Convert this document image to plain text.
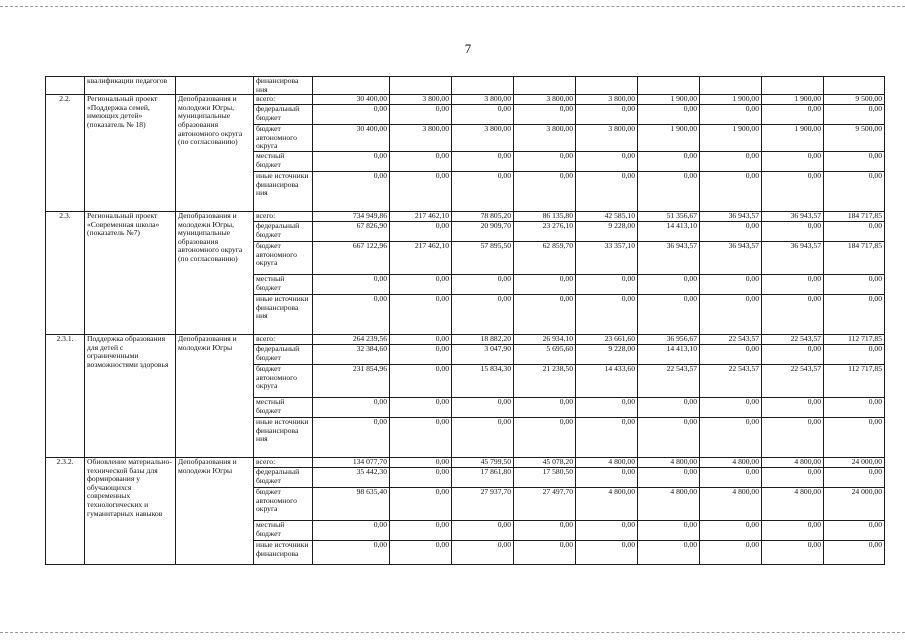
7
	квалификации педагогов		финансирова ния									
2.2.	Региональный проект «Поддержка семей, имеющих детей» (показатель № 18)	Депобразования и молодежи Югры, муниципальные образования автономного округа (по согласованию)	всего:	30 400,00	3 800,00	3 800,00	3 800,00	3 800,00	1 900,00	1 900,00	1 900,00	9 500,00
			федеральный бюджет	0,00	0,00	0,00	0,00	0,00	0,00	0,00	0,00	0,00
			бюджет автономного округа	30 400,00	3 800,00	3 800,00	3 800,00	3 800,00	1 900,00	1 900,00	1 900,00	9 500,00
			местный бюджет	0,00	0,00	0,00	0,00	0,00	0,00	0,00	0,00	0,00
			иные источники финансирова ния	0,00	0,00	0,00	0,00	0,00	0,00	0,00	0,00	0,00
2.3.	Региональный проект «Современная школа» (показатель №7)	Депобразования и молодежи Югры, муниципальные образования автономного округа (по согласованию)	всего:	734 949,86	217 462,10	78 805,20	86 135,80	42 585,10	51 356,67	36 943,57	36 943,57	184 717,85
			федеральный бюджет	67 826,90	0,00	20 909,70	23 276,10	9 228,00	14 413,10	0,00	0,00	0,00
			бюджет автономного округа	667 122,96	217 462,10	57 895,50	62 859,70	33 357,10	36 943,57	36 943,57	36 943,57	184 717,85
			местный бюджет	0,00	0,00	0,00	0,00	0,00	0,00	0,00	0,00	0,00
			иные источники финансирова ния	0,00	0,00	0,00	0,00	0,00	0,00	0,00	0,00	0,00
2.3.1.	Поддержка образования для детей с ограниченными возможностями здоровья	Депобразования и молодежи Югры	всего:	264 239,56	0,00	18 882,20	26 934,10	23 661,60	36 956,67	22 543,57	22 543,57	112 717,85
			федеральный бюджет	32 384,60	0,00	3 047,90	5 695,60	9 228,00	14 413,10	0,00	0,00	0,00
			бюджет автономного округа	231 854,96	0,00	15 834,30	21 238,50	14 433,60	22 543,57	22 543,57	22 543,57	112 717,85
			местный бюджет	0,00	0,00	0,00	0,00	0,00	0,00	0,00	0,00	0,00
			иные источники финансирова ния	0,00	0,00	0,00	0,00	0,00	0,00	0,00	0,00	0,00
2.3.2.	Обновление материально-технической базы для формирования у обучающихся современных технологических и гуманитарных навыков	Депобразования и молодежи Югры	всего:	134 077,70	0,00	45 799,50	45 078,20	4 800,00	4 800,00	4 800,00	4 800,00	24 000,00
			федеральный бюджет	35 442,30	0,00	17 861,80	17 580,50	0,00	0,00	0,00	0,00	0,00
			бюджет автономного округа	98 635,40	0,00	27 937,70	27 497,70	4 800,00	4 800,00	4 800,00	4 800,00	24 000,00
			местный бюджет	0,00	0,00	0,00	0,00	0,00	0,00	0,00	0,00	0,00
			иные источники финансирова	0,00	0,00	0,00	0,00	0,00	0,00	0,00	0,00	0,00
